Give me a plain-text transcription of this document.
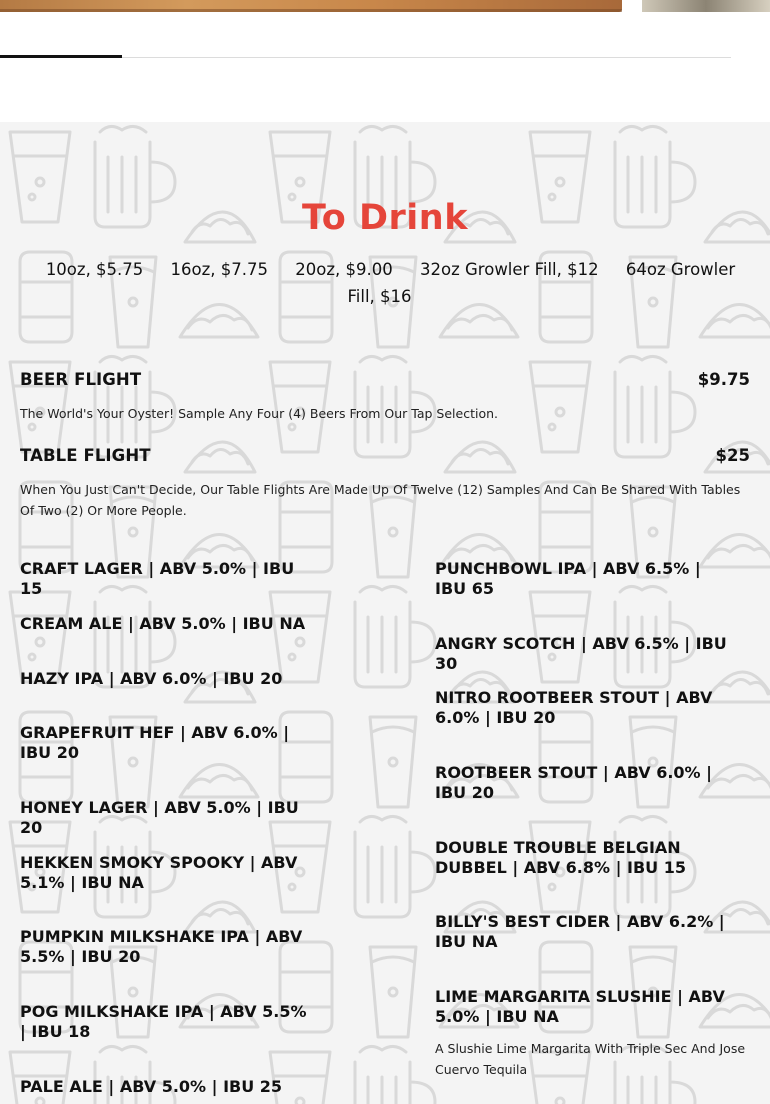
To Drink
10oz, $5.75 16oz, $7.75 20oz, $9.00 32oz Growler Fill, $12 64oz Growler Fill, $16
BEER FLIGHT	$9.75
The World's Your Oyster! Sample Any Four (4) Beers From Our Tap Selection.
TABLE FLIGHT	$25
When You Just Can't Decide, Our Table Flights Are Made Up Of Twelve (12) Samples And Can Be Shared With Tables Of Two (2) Or More People.
CRAFT LAGER | ABV 5.0% | IBU 15
CREAM ALE | ABV 5.0% | IBU NA
HAZY IPA | ABV 6.0% | IBU 20
GRAPEFRUIT HEF | ABV 6.0% | IBU 20
HONEY LAGER | ABV 5.0% | IBU 20
HEKKEN SMOKY SPOOKY | ABV 5.1% | IBU NA
PUMPKIN MILKSHAKE IPA | ABV 5.5% | IBU 20
POG MILKSHAKE IPA | ABV 5.5% | IBU 18
PALE ALE | ABV 5.0% | IBU 25
PUNCHBOWL IPA | ABV 6.5% | IBU 65
ANGRY SCOTCH | ABV 6.5% | IBU 30
NITRO ROOTBEER STOUT | ABV 6.0% | IBU 20
ROOTBEER STOUT | ABV 6.0% | IBU 20
DOUBLE TROUBLE BELGIAN DUBBEL | ABV 6.8% | IBU 15
BILLY'S BEST CIDER | ABV 6.2% | IBU NA
LIME MARGARITA SLUSHIE | ABV 5.0% | IBU NA
A Slushie Lime Margarita With Triple Sec And Jose Cuervo Tequila
